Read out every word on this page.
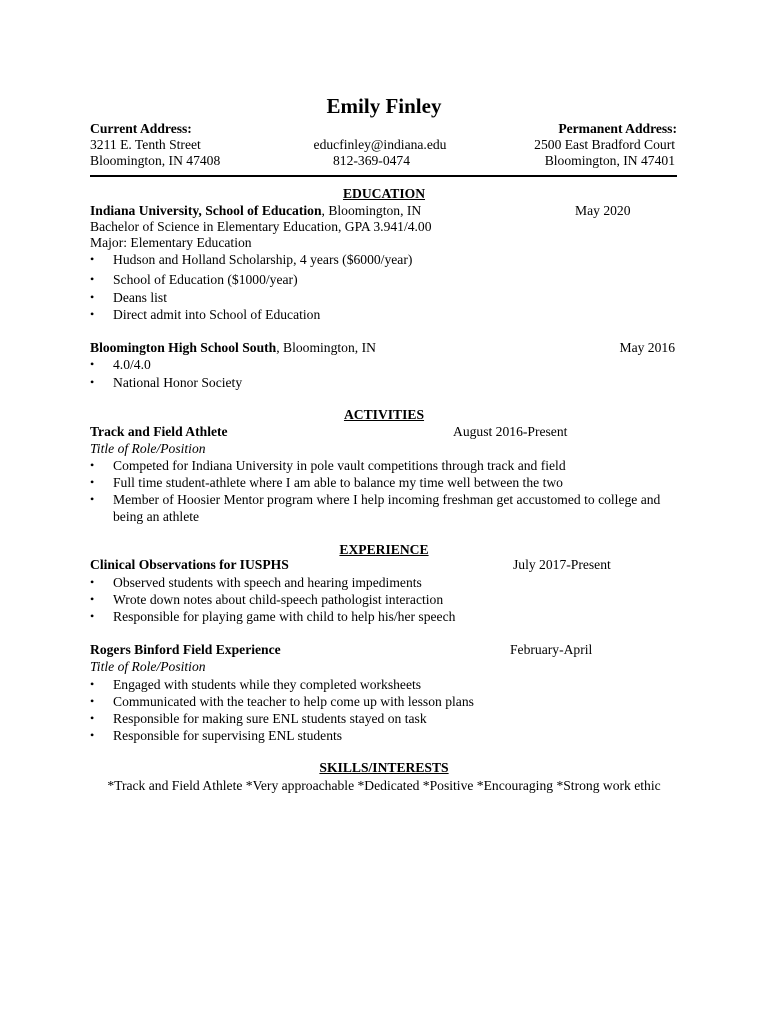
Emily Finley
Current Address:
3211 E. Tenth Street
Bloomington, IN 47408
educfinley@indiana.edu
812-369-0474
Permanent Address:
2500 East Bradford Court
Bloomington, IN 47401
EDUCATION
Indiana University, School of Education, Bloomington, IN	May 2020
Bachelor of Science in Elementary Education, GPA 3.941/4.00
Major: Elementary Education
•	Hudson and Holland Scholarship, 4 years ($6000/year)
•	School of Education ($1000/year)
•	Deans list
•	Direct admit into School of Education
Bloomington High School South, Bloomington, IN	May 2016
•	4.0/4.0
•	National Honor Society
ACTIVITIES
Track and Field Athlete	August 2016-Present
Title of Role/Position
•	Competed for Indiana University in pole vault competitions through track and field
•	Full time student-athlete where I am able to balance my time well between the two
•	Member of Hoosier Mentor program where I help incoming freshman get accustomed to college and
being an athlete
EXPERIENCE
Clinical Observations for IUSPHS	July 2017-Present
•	Observed students with speech and hearing impediments
•	Wrote down notes about child-speech pathologist interaction
•	Responsible for playing game with child to help his/her speech
Rogers Binford Field Experience	February-April
Title of Role/Position
•	Engaged with students while they completed worksheets
•	Communicated with the teacher to help come up with lesson plans
•	Responsible for making sure ENL students stayed on task
•	Responsible for supervising ENL students
SKILLS/INTERESTS
*Track and Field Athlete *Very approachable *Dedicated *Positive *Encouraging *Strong work ethic
